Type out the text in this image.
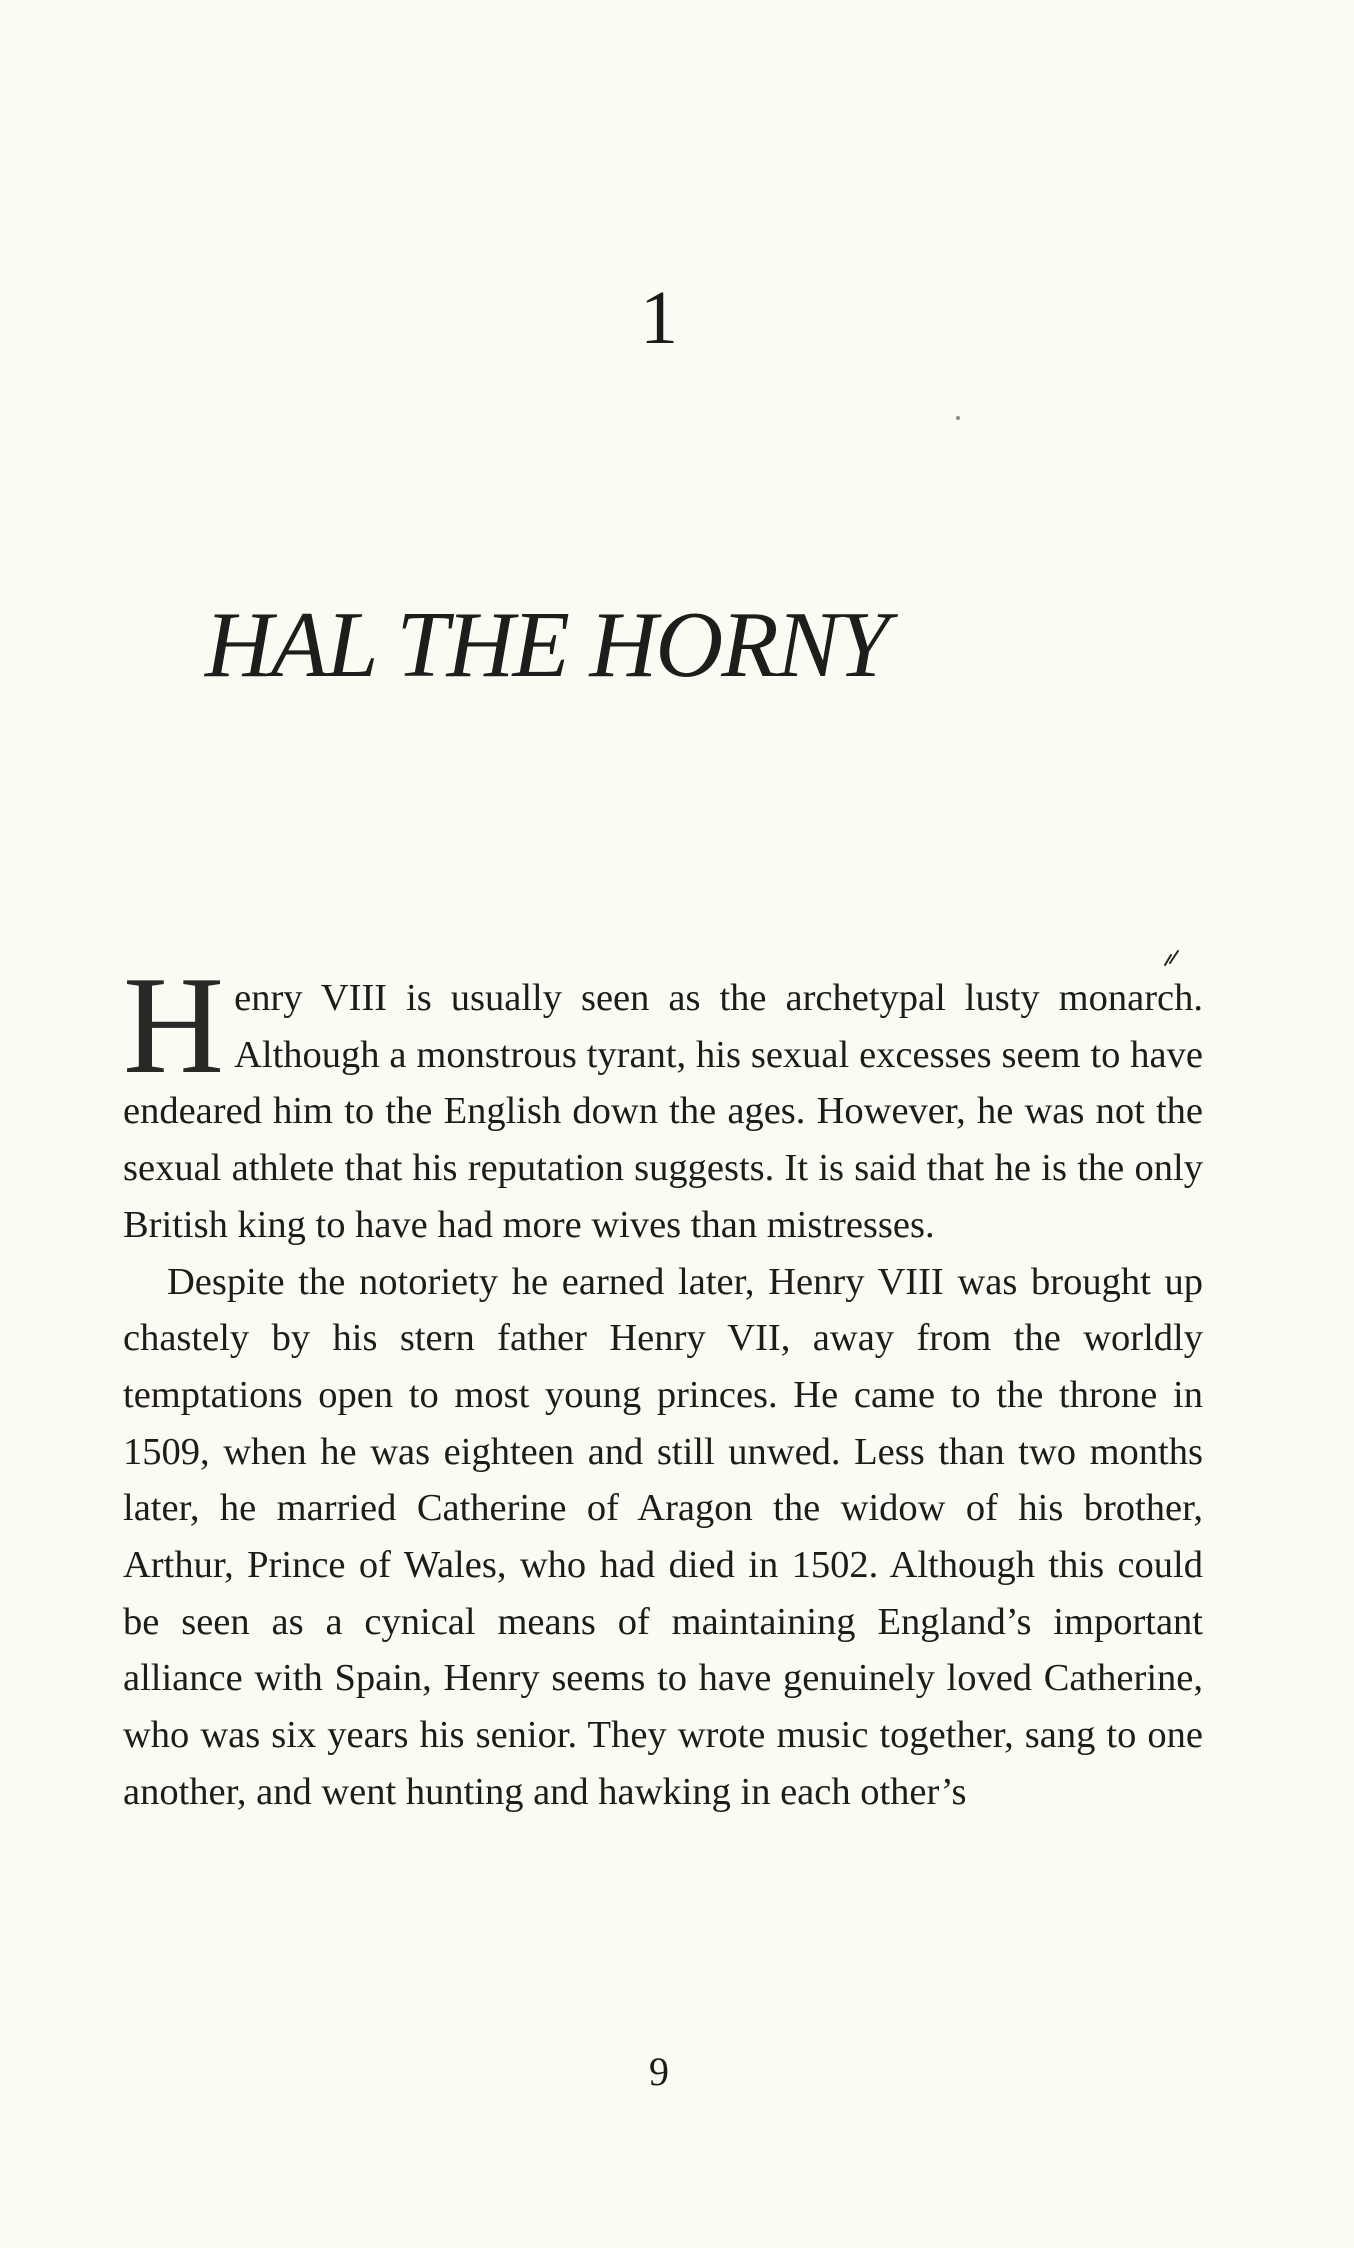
1
HAL THE HORNY

Henry VIII is usually seen as the archetypal lusty monarch. Although a monstrous tyrant, his sexual excesses seem to have endeared him to the English down the ages. However, he was not the sexual athlete that his reputation suggests. It is said that he is the only British king to have had more wives than mistresses.

Despite the notoriety he earned later, Henry VIII was brought up chastely by his stern father Henry VII, away from the worldly temptations open to most young princes. He came to the throne in 1509, when he was eighteen and still unwed. Less than two months later, he married Catherine of Aragon the widow of his brother, Arthur, Prince of Wales, who had died in 1502. Although this could be seen as a cynical means of maintaining England’s important alliance with Spain, Henry seems to have genuinely loved Catherine, who was six years his senior. They wrote music together, sang to one another, and went hunting and hawking in each other’s

9
